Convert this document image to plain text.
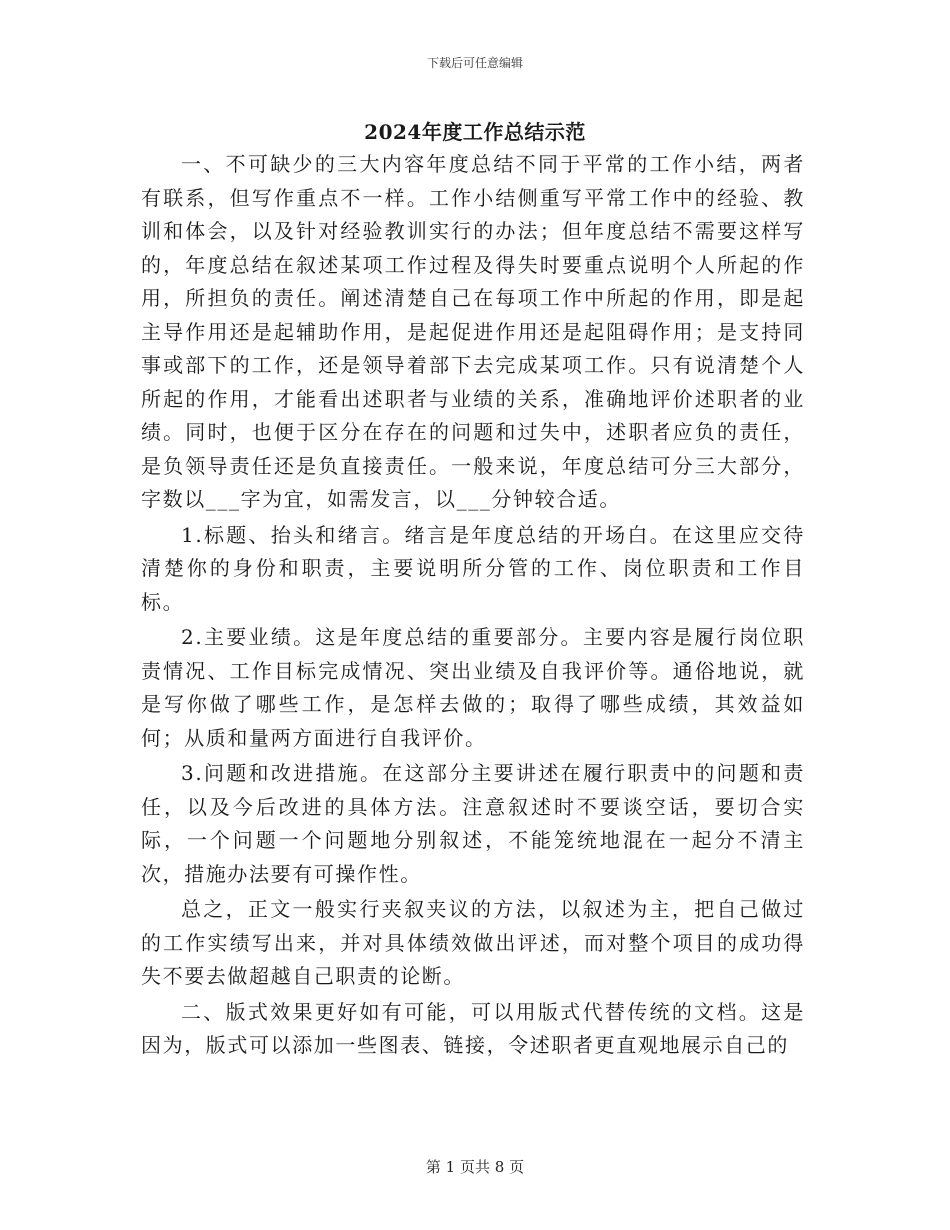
下载后可任意编辑
2024年度工作总结示范

一、不可缺少的三大内容年度总结不同于平常的工作小结，两者有联系，但写作重点不一样。工作小结侧重写平常工作中的经验、教训和体会，以及针对经验教训实行的办法；但年度总结不需要这样写的，年度总结在叙述某项工作过程及得失时要重点说明个人所起的作用，所担负的责任。阐述清楚自己在每项工作中所起的作用，即是起主导作用还是起辅助作用，是起促进作用还是起阻碍作用；是支持同事或部下的工作，还是领导着部下去完成某项工作。只有说清楚个人所起的作用，才能看出述职者与业绩的关系，准确地评价述职者的业绩。同时，也便于区分在存在的问题和过失中，述职者应负的责任，是负领导责任还是负直接责任。一般来说，年度总结可分三大部分，字数以___字为宜，如需发言，以___分钟较合适。

1.标题、抬头和绪言。绪言是年度总结的开场白。在这里应交待清楚你的身份和职责，主要说明所分管的工作、岗位职责和工作目标。

2.主要业绩。这是年度总结的重要部分。主要内容是履行岗位职责情况、工作目标完成情况、突出业绩及自我评价等。通俗地说，就是写你做了哪些工作，是怎样去做的；取得了哪些成绩，其效益如何；从质和量两方面进行自我评价。

3.问题和改进措施。在这部分主要讲述在履行职责中的问题和责任，以及今后改进的具体方法。注意叙述时不要谈空话，要切合实际，一个问题一个问题地分别叙述，不能笼统地混在一起分不清主次，措施办法要有可操作性。

总之，正文一般实行夹叙夹议的方法，以叙述为主，把自己做过的工作实绩写出来，并对具体绩效做出评述，而对整个项目的成功得失不要去做超越自己职责的论断。

二、版式效果更好如有可能，可以用版式代替传统的文档。这是因为，版式可以添加一些图表、链接，令述职者更直观地展示自己的

第 1 页共 8 页
